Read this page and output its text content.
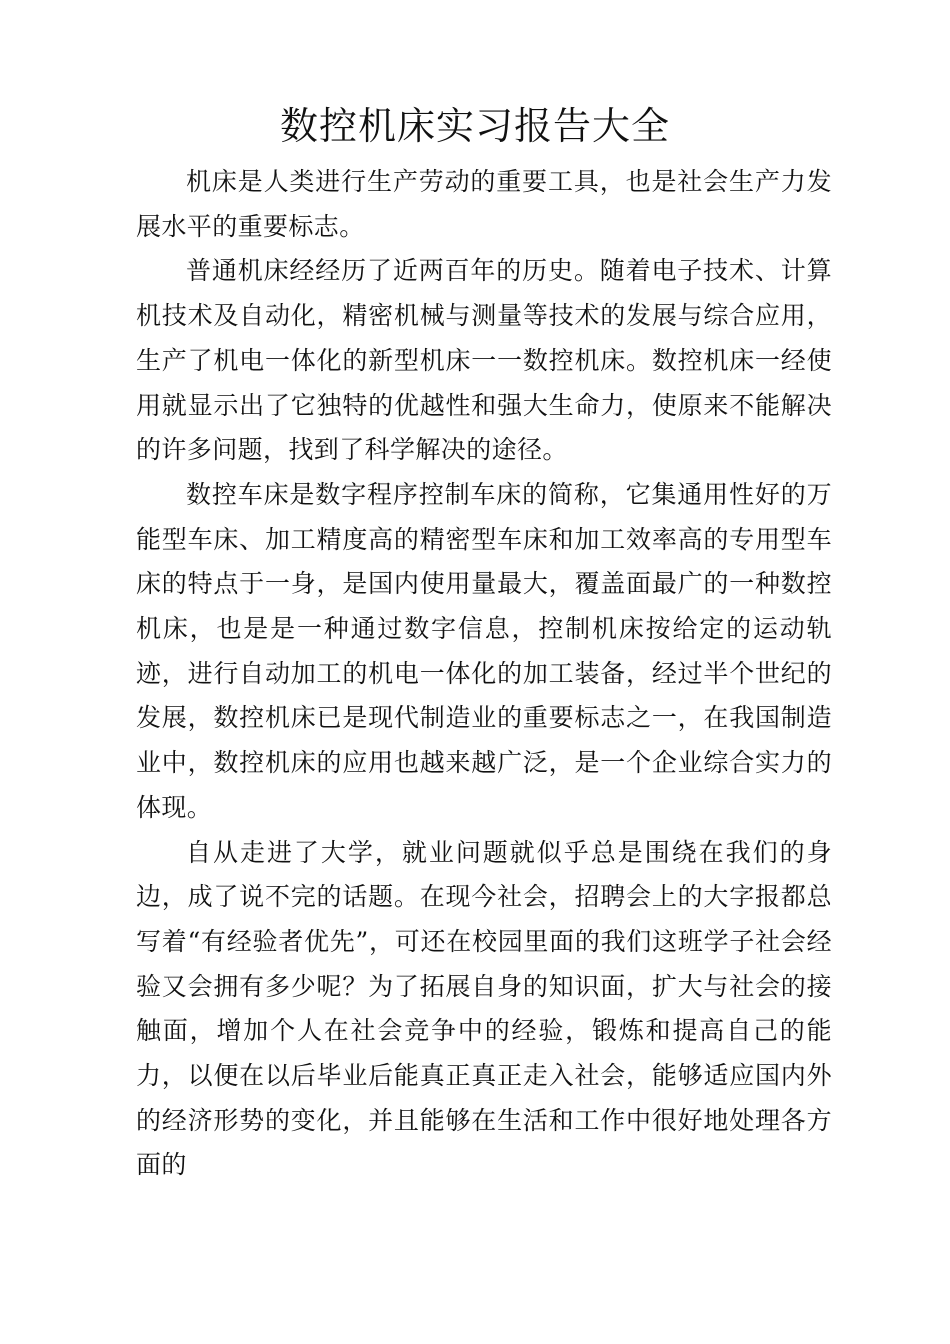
数控机床实习报告大全

机床是人类进行生产劳动的重要工具，也是社会生产力发展水平的重要标志。

普通机床经经历了近两百年的历史。随着电子技术、计算机技术及自动化，精密机械与测量等技术的发展与综合应用，生产了机电一体化的新型机床一一数控机床。数控机床一经使用就显示出了它独特的优越性和强大生命力，使原来不能解决的许多问题，找到了科学解决的途径。

数控车床是数字程序控制车床的简称，它集通用性好的万能型车床、加工精度高的精密型车床和加工效率高的专用型车床的特点于一身，是国内使用量最大，覆盖面最广的一种数控机床，也是是一种通过数字信息，控制机床按给定的运动轨迹，进行自动加工的机电一体化的加工装备，经过半个世纪的发展，数控机床已是现代制造业的重要标志之一，在我国制造业中，数控机床的应用也越来越广泛，是一个企业综合实力的体现。

自从走进了大学，就业问题就似乎总是围绕在我们的身边，成了说不完的话题。在现今社会，招聘会上的大字报都总写着“有经验者优先”，可还在校园里面的我们这班学子社会经验又会拥有多少呢？为了拓展自身的知识面，扩大与社会的接触面，增加个人在社会竞争中的经验，锻炼和提高自己的能力，以便在以后毕业后能真正真正走入社会，能够适应国内外的经济形势的变化，并且能够在生活和工作中很好地处理各方面的
